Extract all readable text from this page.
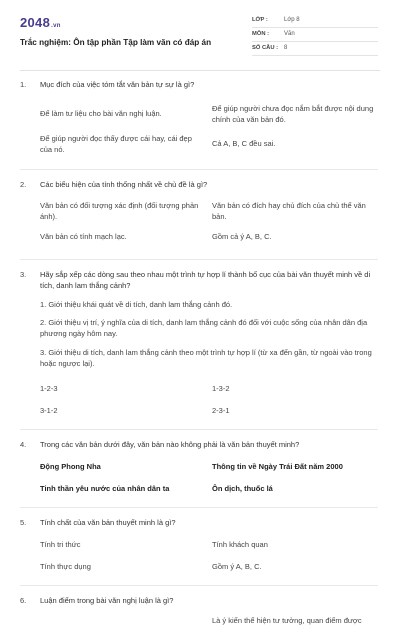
2048.vn
Trắc nghiệm: Ôn tập phần Tập làm văn có đáp án
LỚP :	Lớp 8
MÔN :	Văn
SỐ CÂU : 8
1. Mục đích của việc tóm tắt văn bản tự sự là gì?
Để làm tư liệu cho bài văn nghị luận.
Để giúp người chưa đọc nắm bắt được nội dung chính của văn bản đó.
Để giúp người đọc thấy được cái hay, cái đẹp của nó.
Cả A, B, C đều sai.
2. Các biểu hiện của tính thống nhất về chủ đề là gì?
Văn bản có đối tượng xác định (đối tượng phản ánh).
Văn bản có đích hay chủ đích của chủ thể văn bản.
Văn bản có tính mạch lạc.	Gồm cả ý A, B, C.
3. Hãy sắp xếp các dòng sau theo nhau một trình tự hợp lí thành bố cục của bài văn thuyết minh về di tích, danh lam thắng cảnh?
1. Giới thiệu khái quát về di tích, danh lam thắng cảnh đó.
2. Giới thiệu vị trí, ý nghĩa của di tích, danh lam thắng cảnh đó đối với cuộc sống của nhân dân địa phương ngày hôm nay.
3. Giới thiệu di tích, danh lam thắng cảnh theo một trình tự hợp lí (từ xa đến gần, từ ngoài vào trong hoặc ngược lại).
1-2-3	1-3-2
3-1-2	2-3-1
4. Trong các văn bản dưới đây, văn bản nào không phải là văn bản thuyết minh?
Động Phong Nha	Thông tin về Ngày Trái Đất năm 2000
Tinh thần yêu nước của nhân dân ta	Ôn dịch, thuốc lá
5. Tính chất của văn bản thuyết minh là gì?
Tính tri thức	Tính khách quan
Tính thực dụng	Gồm ý A, B, C.
6. Luận điểm trong bài văn nghị luận là gì?
Là ý kiến thể hiện tư tưởng, quan điểm được
